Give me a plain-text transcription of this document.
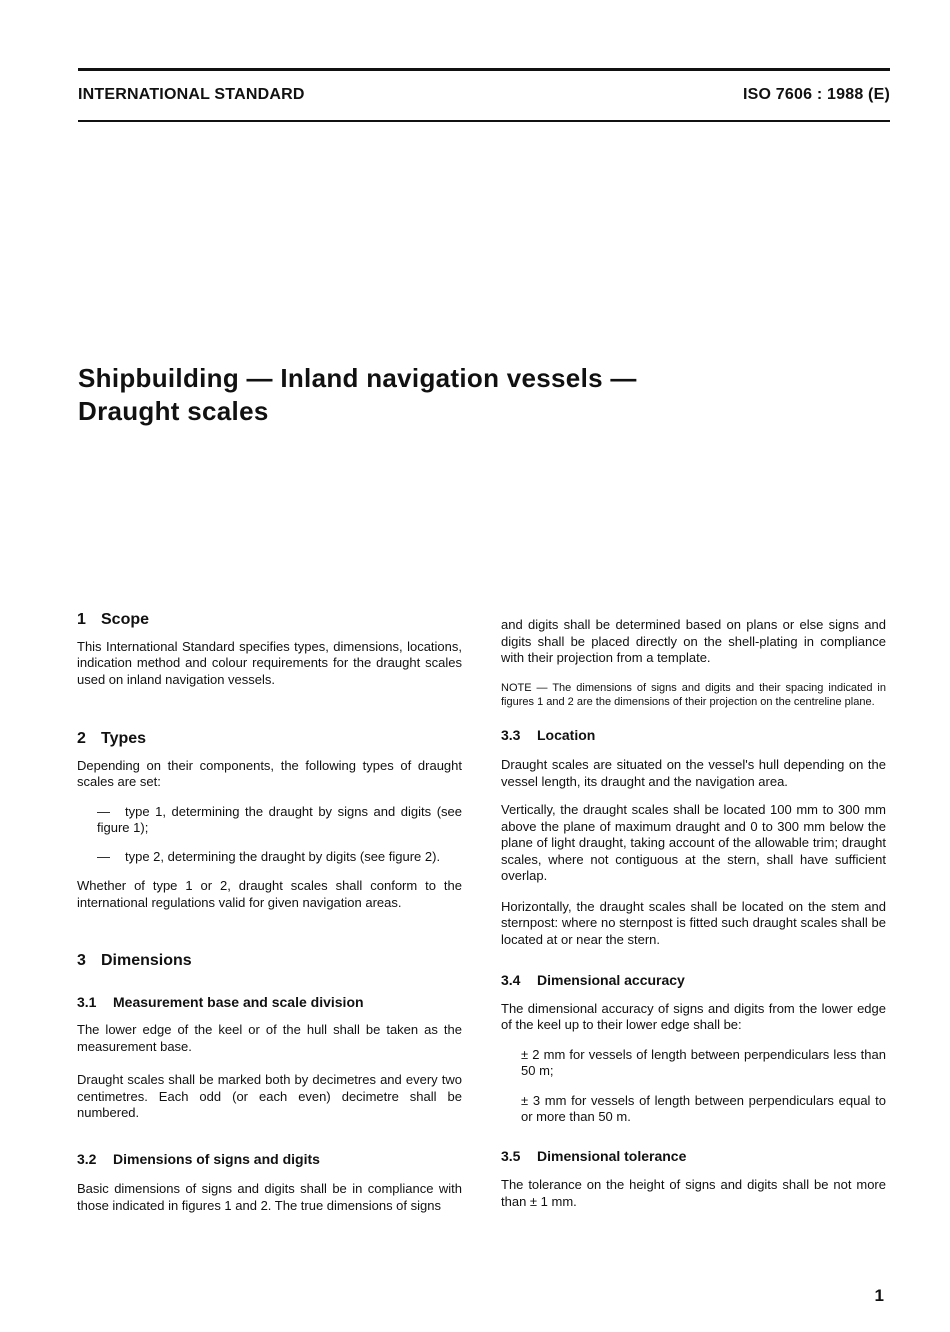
INTERNATIONAL STANDARD	ISO 7606 : 1988 (E)
Shipbuilding — Inland navigation vessels —
Draught scales
1 Scope

This International Standard specifies types, dimensions, locations, indication method and colour requirements for the draught scales used on inland navigation vessels.

2 Types

Depending on their components, the following types of draught scales are set:

— type 1, determining the draught by signs and digits (see figure 1);

— type 2, determining the draught by digits (see figure 2).

Whether of type 1 or 2, draught scales shall conform to the international regulations valid for given navigation areas.

3 Dimensions
3.1 Measurement base and scale division

The lower edge of the keel or of the hull shall be taken as the measurement base.

Draught scales shall be marked both by decimetres and every two centimetres. Each odd (or each even) decimetre shall be numbered.

3.2 Dimensions of signs and digits

Basic dimensions of signs and digits shall be in compliance with those indicated in figures 1 and 2. The true dimensions of signs

and digits shall be determined based on plans or else signs and digits shall be placed directly on the shell-plating in compliance with their projection from a template.

NOTE — The dimensions of signs and digits and their spacing indicated in figures 1 and 2 are the dimensions of their projection on the centreline plane.

3.3 Location

Draught scales are situated on the vessel's hull depending on the vessel length, its draught and the navigation area.

Vertically, the draught scales shall be located 100 mm to 300 mm above the plane of maximum draught and 0 to 300 mm below the plane of light draught, taking account of the allowable trim; draught scales, where not contiguous at the stern, shall have sufficient overlap.

Horizontally, the draught scales shall be located on the stem and sternpost: where no sternpost is fitted such draught scales shall be located at or near the stern.

3.4 Dimensional accuracy

The dimensional accuracy of signs and digits from the lower edge of the keel up to their lower edge shall be:

± 2 mm for vessels of length between perpendiculars less than 50 m;

± 3 mm for vessels of length between perpendiculars equal to or more than 50 m.

3.5 Dimensional tolerance

The tolerance on the height of signs and digits shall be not more than ± 1 mm.

1
